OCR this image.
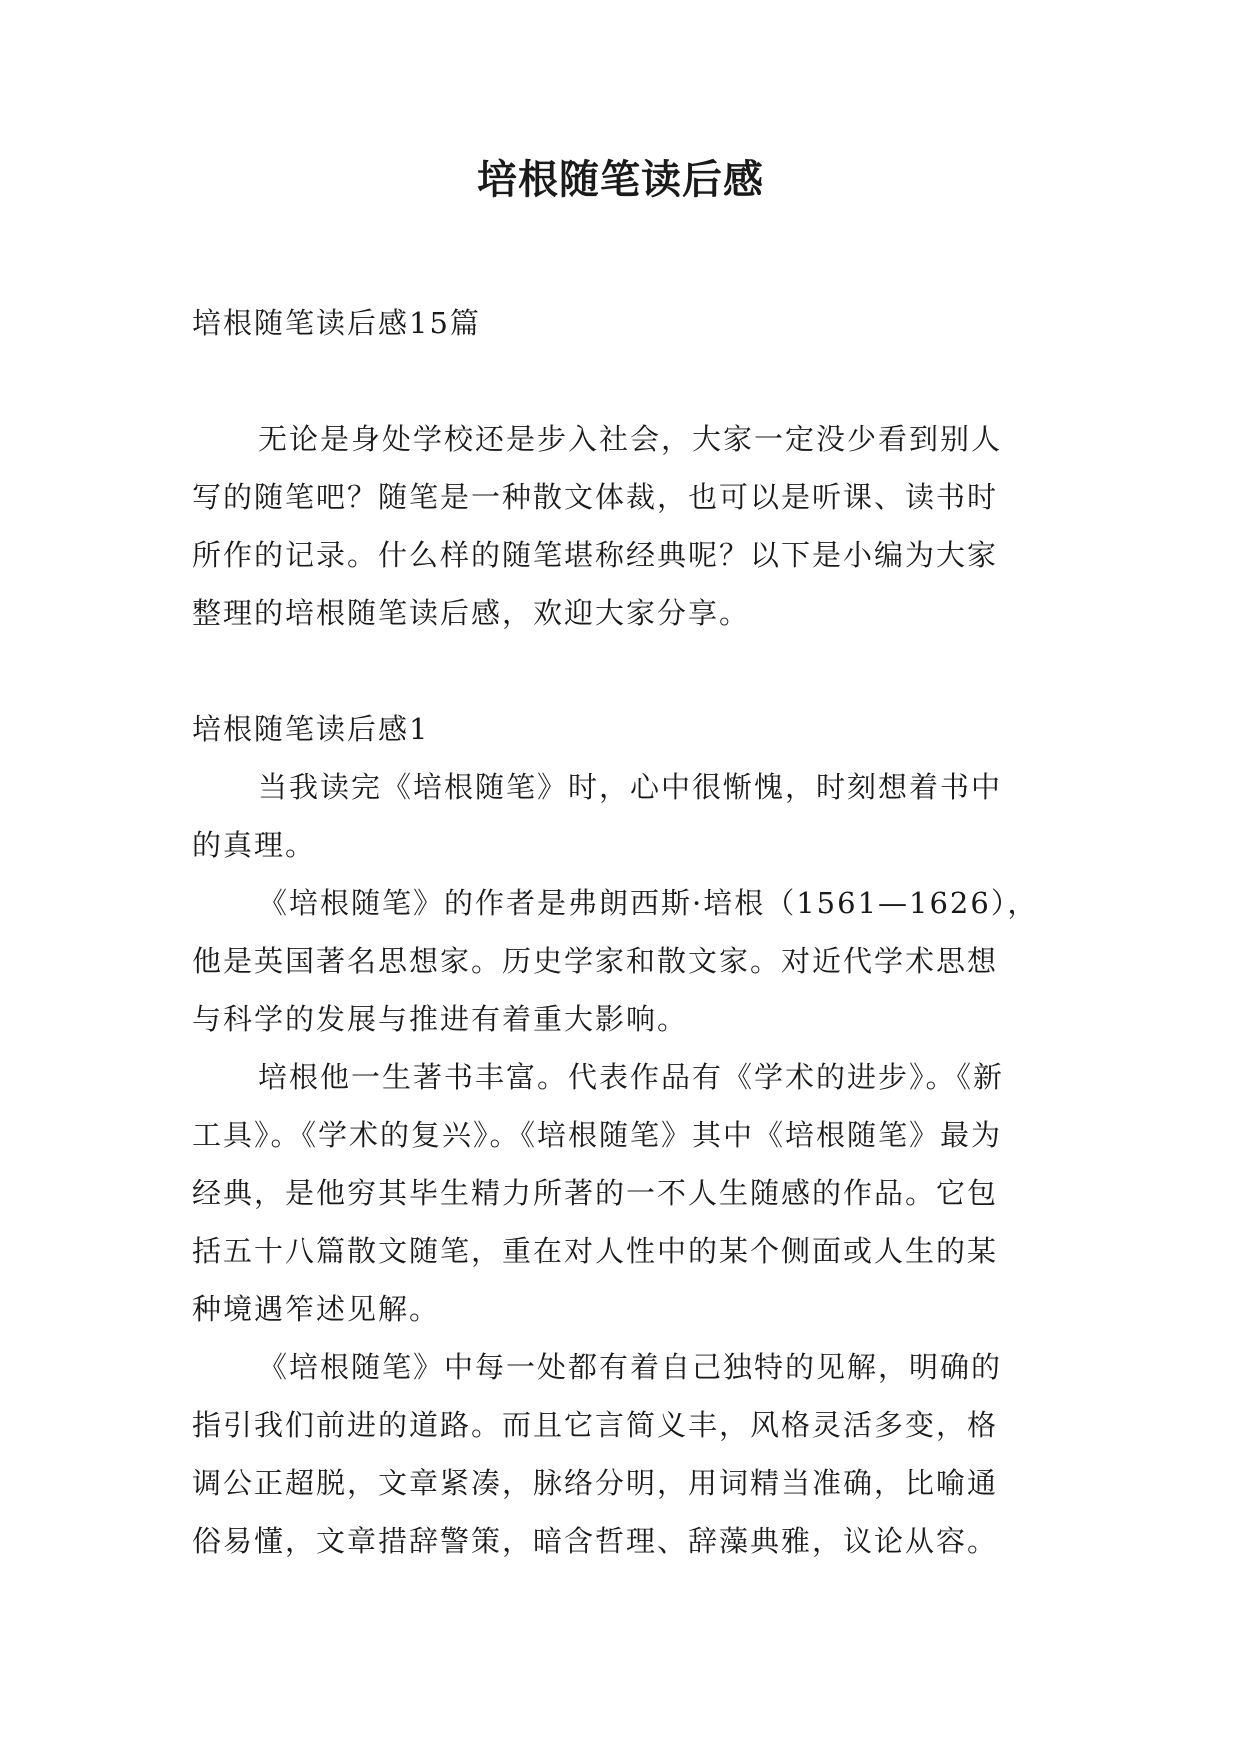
培根随笔读后感
培根随笔读后感15篇
无论是身处学校还是步入社会，大家一定没少看到别人
写的随笔吧？随笔是一种散文体裁，也可以是听课、读书时
所作的记录。什么样的随笔堪称经典呢？以下是小编为大家
整理的培根随笔读后感，欢迎大家分享。
培根随笔读后感1
当我读完《培根随笔》时，心中很惭愧，时刻想着书中
的真理。
《培根随笔》的作者是弗朗西斯·培根（1561—1626），
他是英国著名思想家。历史学家和散文家。对近代学术思想
与科学的发展与推进有着重大影响。
培根他一生著书丰富。代表作品有《学术的进步》。《新
工具》。《学术的复兴》。《培根随笔》其中《培根随笔》最为
经典，是他穷其毕生精力所著的一不人生随感的作品。它包
括五十八篇散文随笔，重在对人性中的某个侧面或人生的某
种境遇笮述见解。
《培根随笔》中每一处都有着自己独特的见解，明确的
指引我们前进的道路。而且它言简义丰，风格灵活多变，格
调公正超脱，文章紧凑，脉络分明，用词精当准确，比喻通
俗易懂，文章措辞警策，暗含哲理、辞藻典雅，议论从容。
